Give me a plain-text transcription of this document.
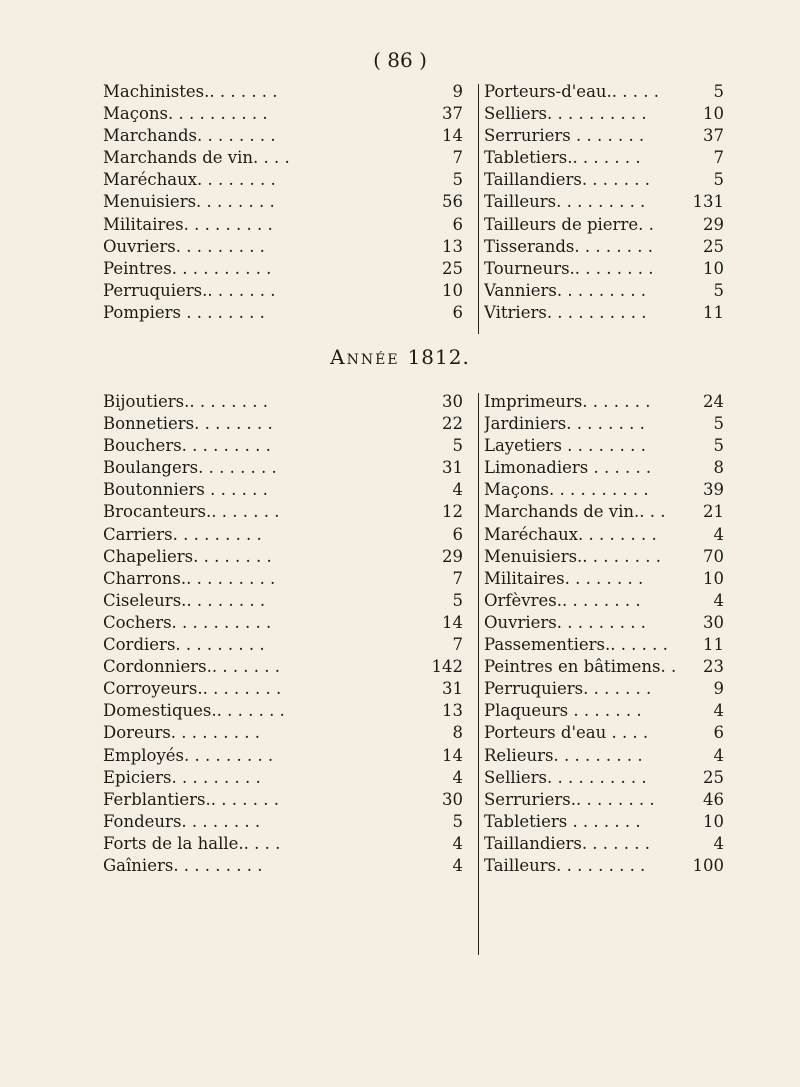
( 86 )
Machinistes.. . . . . . .	9
Maçons. . . . . . . . . .	37
Marchands. . . . . . . .	14
Marchands de vin. . . .	7
Maréchaux. . . . . . . .	5
Menuisiers. . . . . . . .	56
Militaires. . . . . . . . .	6
Ouvriers. . . . . . . . .	13
Peintres. . . . . . . . . .	25
Perruquiers.. . . . . . .	10
Pompiers . . . . . . . .	6
Porteurs-d'eau.. . . . .	5
Selliers. . . . . . . . . .	10
Serruriers . . . . . . .	37
Tabletiers.. . . . . . .	7
Taillandiers. . . . . . .	5
Tailleurs. . . . . . . . .	131
Tailleurs de pierre. .	29
Tisserands. . . . . . . .	25
Tourneurs.. . . . . . . .	10
Vanniers. . . . . . . . .	5
Vitriers. . . . . . . . . .	11
Année 1812.
Bijoutiers.. . . . . . . .	30
Bonnetiers. . . . . . . .	22
Bouchers. . . . . . . . .	5
Boulangers. . . . . . . .	31
Boutonniers . . . . . .	4
Brocanteurs.. . . . . . .	12
Carriers. . . . . . . . .	6
Chapeliers. . . . . . . .	29
Charrons.. . . . . . . . .	7
Ciseleurs.. . . . . . . .	5
Cochers. . . . . . . . . .	14
Cordiers. . . . . . . . .	7
Cordonniers.. . . . . . .	142
Corroyeurs.. . . . . . . .	31
Domestiques.. . . . . . .	13
Doreurs. . . . . . . . .	8
Employés. . . . . . . . .	14
Epiciers. . . . . . . . .	4
Ferblantiers.. . . . . . .	30
Fondeurs. . . . . . . .	5
Forts de la halle.. . . .	4
Gaîniers. . . . . . . . .	4
Imprimeurs. . . . . . .	24
Jardiniers. . . . . . . .	5
Layetiers . . . . . . . .	5
Limonadiers . . . . . .	8
Maçons. . . . . . . . . .	39
Marchands de vin.. . .	21
Maréchaux. . . . . . . .	4
Menuisiers.. . . . . . . .	70
Militaires. . . . . . . .	10
Orfèvres.. . . . . . . .	4
Ouvriers. . . . . . . . .	30
Passementiers.. . . . . .	11
Peintres en bâtimens. .	23
Perruquiers. . . . . . .	9
Plaqueurs . . . . . . .	4
Porteurs d'eau . . . .	6
Relieurs. . . . . . . . .	4
Selliers. . . . . . . . . .	25
Serruriers.. . . . . . . .	46
Tabletiers . . . . . . .	10
Taillandiers. . . . . . .	4
Tailleurs. . . . . . . . .	100
